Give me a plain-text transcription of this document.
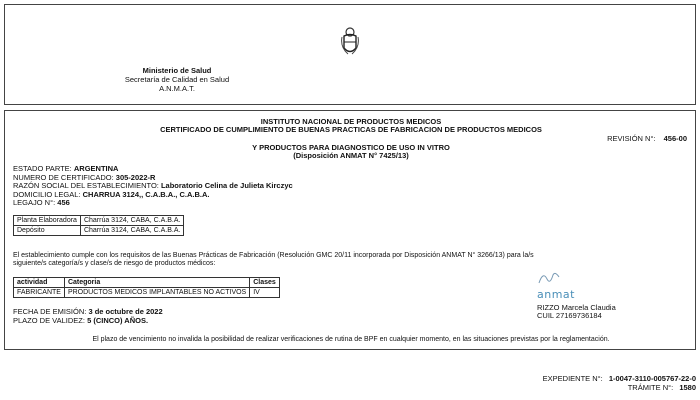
Ministerio de Salud
Secretaría de Calidad en Salud
A.N.M.A.T.
INSTITUTO NACIONAL DE PRODUCTOS MEDICOS
CERTIFICADO DE CUMPLIMIENTO DE BUENAS PRACTICAS DE FABRICACION DE PRODUCTOS MEDICOS
REVISIÓN N°: 456-00
Y PRODUCTOS PARA DIAGNOSTICO DE USO IN VITRO
(Disposición ANMAT N° 7425/13)
ESTADO PARTE: ARGENTINA
NUMERO DE CERTIFICADO: 305-2022-R
RAZÓN SOCIAL DEL ESTABLECIMIENTO: Laboratorio Celina de Julieta Kirczyc
DOMICILIO LEGAL: CHARRUA 3124,, C.A.B.A., C.A.B.A.
LEGAJO N°: 456
Planta Elaboradora	Charrúa 3124, CABA, C.A.B.A.
Depósito	Charrúa 3124, CABA, C.A.B.A.
El establecimiento cumple con los requisitos de las Buenas Prácticas de Fabricación (Resolución GMC 20/11 incorporada por Disposición ANMAT N° 3266/13) para la/s
siguiente/s categoría/s y clase/s de riesgo de productos médicos:
actividad	Categoria	Clases
FABRICANTE	PRODUCTOS MEDICOS IMPLANTABLES NO ACTIVOS	IV
FECHA DE EMISIÓN: 3 de octubre de 2022
PLAZO DE VALIDEZ: 5 (CINCO) AÑOS.
anmat
RIZZO Marcela Claudia
CUIL 27169736184
El plazo de vencimiento no invalida la posibilidad de realizar verificaciones de rutina de BPF en cualquier momento, en las situaciones previstas por la reglamentación.
EXPEDIENTE N°: 1-0047-3110-005767-22-0
TRÁMITE N°: 1580
